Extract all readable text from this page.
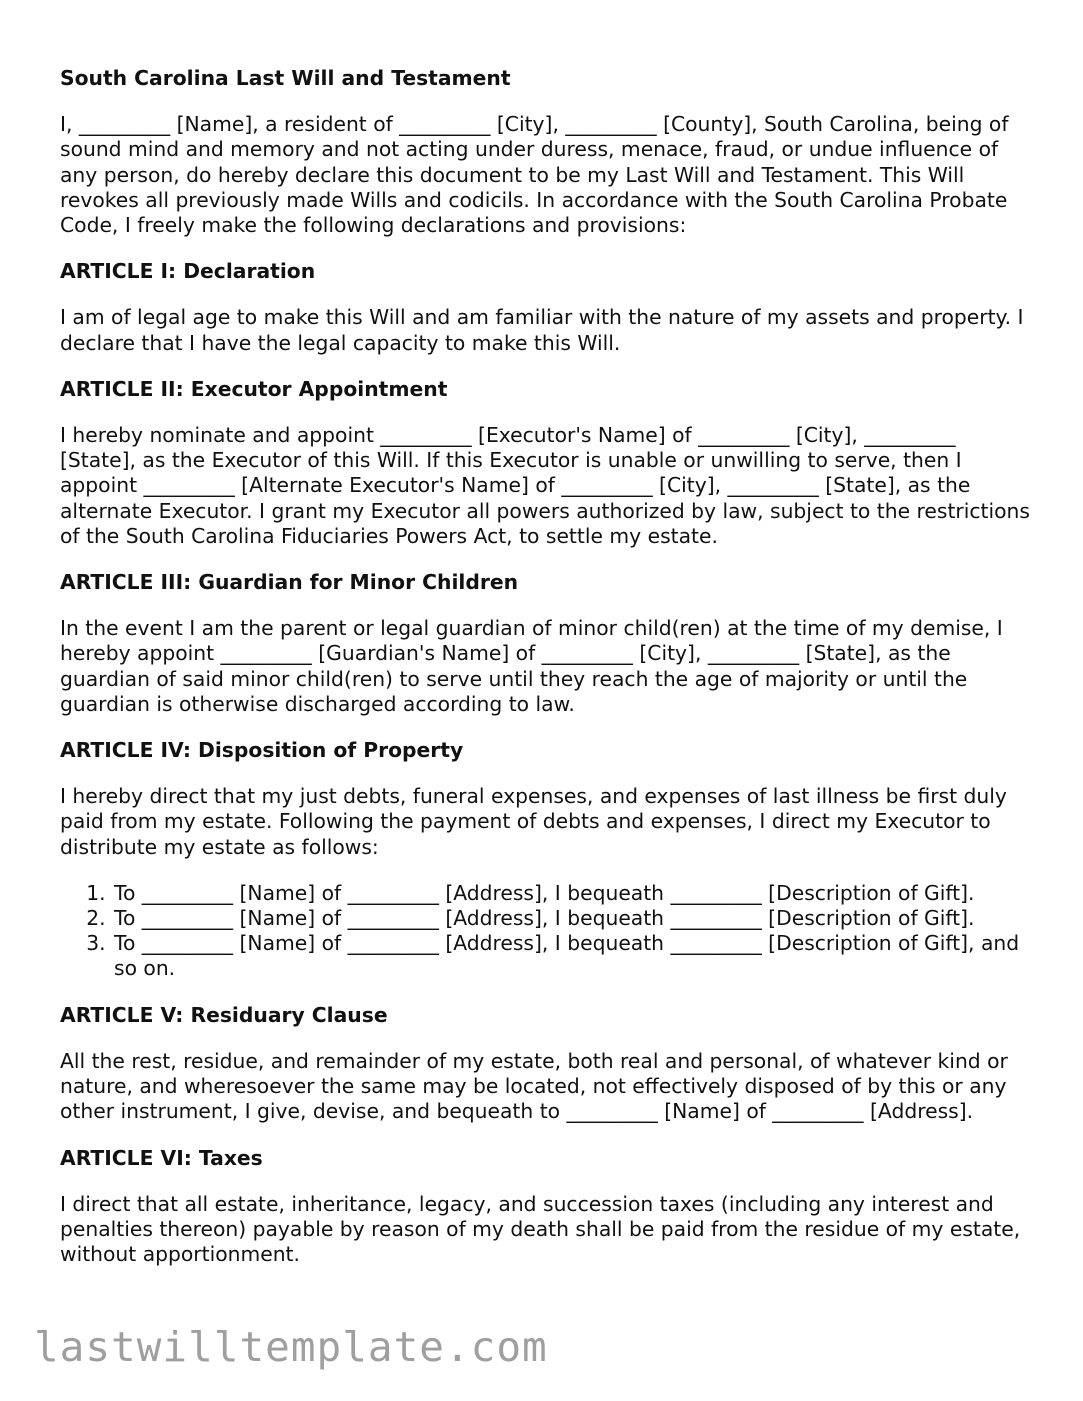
South Carolina Last Will and Testament

I, _________ [Name], a resident of _________ [City], _________ [County], South Carolina, being of sound mind and memory and not acting under duress, menace, fraud, or undue influence of any person, do hereby declare this document to be my Last Will and Testament. This Will revokes all previously made Wills and codicils. In accordance with the South Carolina Probate Code, I freely make the following declarations and provisions:

ARTICLE I: Declaration

I am of legal age to make this Will and am familiar with the nature of my assets and property. I declare that I have the legal capacity to make this Will.

ARTICLE II: Executor Appointment

I hereby nominate and appoint _________ [Executor's Name] of _________ [City], _________ [State], as the Executor of this Will. If this Executor is unable or unwilling to serve, then I appoint _________ [Alternate Executor's Name] of _________ [City], _________ [State], as the alternate Executor. I grant my Executor all powers authorized by law, subject to the restrictions of the South Carolina Fiduciaries Powers Act, to settle my estate.

ARTICLE III: Guardian for Minor Children

In the event I am the parent or legal guardian of minor child(ren) at the time of my demise, I hereby appoint _________ [Guardian's Name] of _________ [City], _________ [State], as the guardian of said minor child(ren) to serve until they reach the age of majority or until the guardian is otherwise discharged according to law.

ARTICLE IV: Disposition of Property

I hereby direct that my just debts, funeral expenses, and expenses of last illness be first duly paid from my estate. Following the payment of debts and expenses, I direct my Executor to distribute my estate as follows:

1. To _________ [Name] of _________ [Address], I bequeath _________ [Description of Gift].
2. To _________ [Name] of _________ [Address], I bequeath _________ [Description of Gift].
3. To _________ [Name] of _________ [Address], I bequeath _________ [Description of Gift], and so on.
ARTICLE V: Residuary Clause

All the rest, residue, and remainder of my estate, both real and personal, of whatever kind or nature, and wheresoever the same may be located, not effectively disposed of by this or any other instrument, I give, devise, and bequeath to _________ [Name] of _________ [Address].

ARTICLE VI: Taxes

I direct that all estate, inheritance, legacy, and succession taxes (including any interest and penalties thereon) payable by reason of my death shall be paid from the residue of my estate, without apportionment.

lastwilltemplate.com
